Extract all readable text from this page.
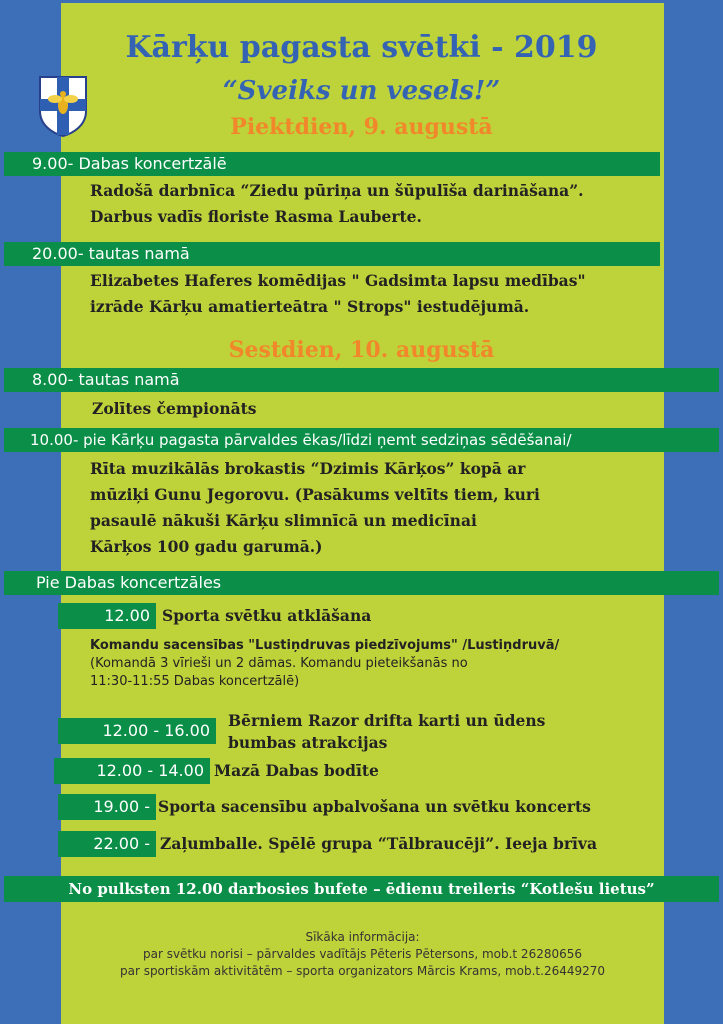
Kārķu pagasta svētki - 2019
“Sveiks un vesels!”
Piektdien, 9. augustā
9.00- Dabas koncertzālē
Radošā darbnīca “Ziedu pūriņa un šūpulīša darināšana”.
Darbus vadīs floriste Rasma Lauberte.
20.00- tautas namā
Elizabetes Haferes komēdijas " Gadsimta lapsu medības"
izrāde Kārķu amatierteātra " Strops" iestudējumā.
Sestdien, 10. augustā
8.00- tautas namā
Zolītes čempionāts
10.00- pie Kārķu pagasta pārvaldes ēkas/līdzi ņemt sedziņas sēdēšanai/
Rīta muzikālās brokastis “Dzimis Kārķos” kopā ar
mūziķi Gunu Jegorovu. (Pasākums veltīts tiem, kuri
pasaulē nākuši Kārķu slimnīcā un medicīnai
Kārķos 100 gadu garumā.)
Pie Dabas koncertzāles
12.00 Sporta svētku atklāšana
Komandu sacensības "Lustiņdruvas piedzīvojums" /Lustiņdruvā/
(Komandā 3 vīrieši un 2 dāmas. Komandu pieteikšanās no
11:30-11:55 Dabas koncertzālē)
12.00 - 16.00
Bērniem Razor drifta karti un ūdens
bumbas atrakcijas
12.00 - 14.00 Mazā Dabas bodīte
19.00 - Sporta sacensību apbalvošana un svētku koncerts
22.00 - Zaļumballe. Spēlē grupa “Tālbraucēji”. Ieeja brīva
No pulksten 12.00 darbosies bufete – ēdienu treileris “Kotlešu lietus”
Sīkāka informācija:
par svētku norisi – pārvaldes vadītājs Pēteris Pētersons, mob.t 26280656
par sportiskām aktivitātēm – sporta organizators Mārcis Krams, mob.t.26449270
